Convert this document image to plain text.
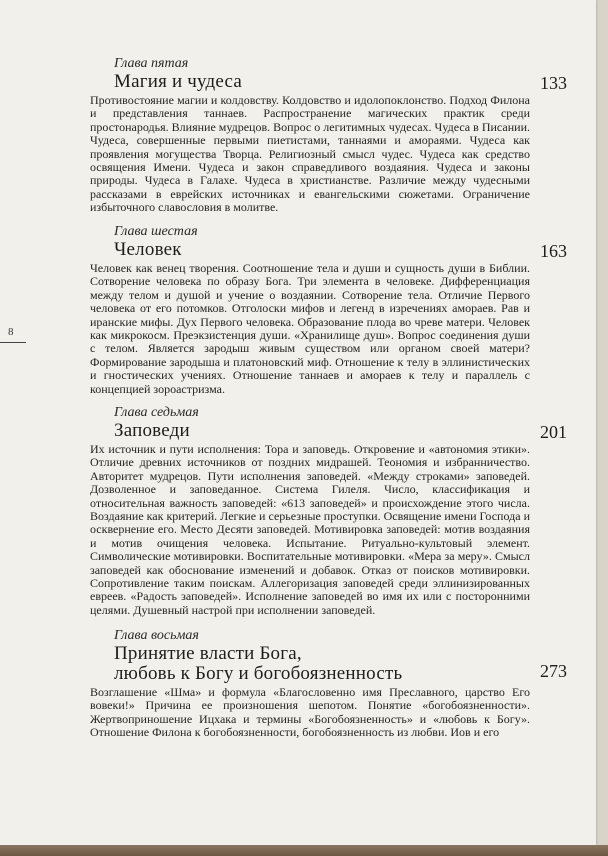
8
Глава пятая
Магия и чудеса	133

Противостояние магии и колдовству. Колдовство и идолопоклонство. Подход Филона и представления таннаев. Распространение магических практик среди простонародья. Влияние мудрецов. Вопрос о легитимных чудесах. Чудеса в Писании. Чудеса, совершенные первыми пиетистами, таннаями и амораями. Чудеса как проявления могущества Творца. Религиозный смысл чудес. Чудеса как средство освящения Имени. Чудеса и закон справедливого воздаяния. Чудеса и законы природы. Чудеса в Галахе. Чудеса в христианстве. Различие между чудесными рассказами в еврейских источниках и евангельскими сюжетами. Ограничение избыточного славословия в молитве.

Глава шестая
Человек	163

Человек как венец творения. Соотношение тела и души и сущность души в Библии. Сотворение человека по образу Бога. Три элемента в человеке. Дифференциация между телом и душой и учение о воздаянии. Сотворение тела. Отличие Первого человека от его потомков. Отголоски мифов и легенд в изречениях амораев. Рав и иранские мифы. Дух Первого человека. Образование плода во чреве матери. Человек как микрокосм. Преэкзистенция души. «Хранилище душ». Вопрос соединения души с телом. Является зародыш живым существом или органом своей матери? Формирование зародыша и платоновский миф. Отношение к телу в эллинистических и гностических учениях. Отношение таннаев и амораев к телу и параллель с концепцией зороастризма.

Глава седьмая
Заповеди	201

Их источник и пути исполнения: Тора и заповедь. Откровение и «автономия этики». Отличие древних источников от поздних мидрашей. Теономия и избранничество. Авторитет мудрецов. Пути исполнения заповедей. «Между строками» заповедей. Дозволенное и заповеданное. Система Гилеля. Число, классификация и относительная важность заповедей: «613 заповедей» и происхождение этого числа. Воздаяние как критерий. Легкие и серьезные проступки. Освящение имени Господа и осквернение его. Место Десяти заповедей. Мотивировка заповедей: мотив воздаяния и мотив очищения человека. Испытание. Ритуально-культовый элемент. Символические мотивировки. Воспитательные мотивировки. «Мера за меру». Смысл заповедей как обоснование изменений и добавок. Отказ от поисков мотивировки. Сопротивление таким поискам. Аллегоризация заповедей среди эллинизированных евреев. «Радость заповедей». Исполнение заповедей во имя их или с посторонними целями. Душевный настрой при исполнении заповедей.

Глава восьмая
Принятие власти Бога,
любовь к Богу и богобоязненность	273

Возглашение «Шма» и формула «Благословенно имя Преславного, царство Его вовеки!» Причина ее произношения шепотом. Понятие «богобоязненности». Жертвоприношение Ицхака и термины «Богобоязненность» и «любовь к Богу». Отношение Филона к богобоязненности, богобоязненность из любви. Иов и его
